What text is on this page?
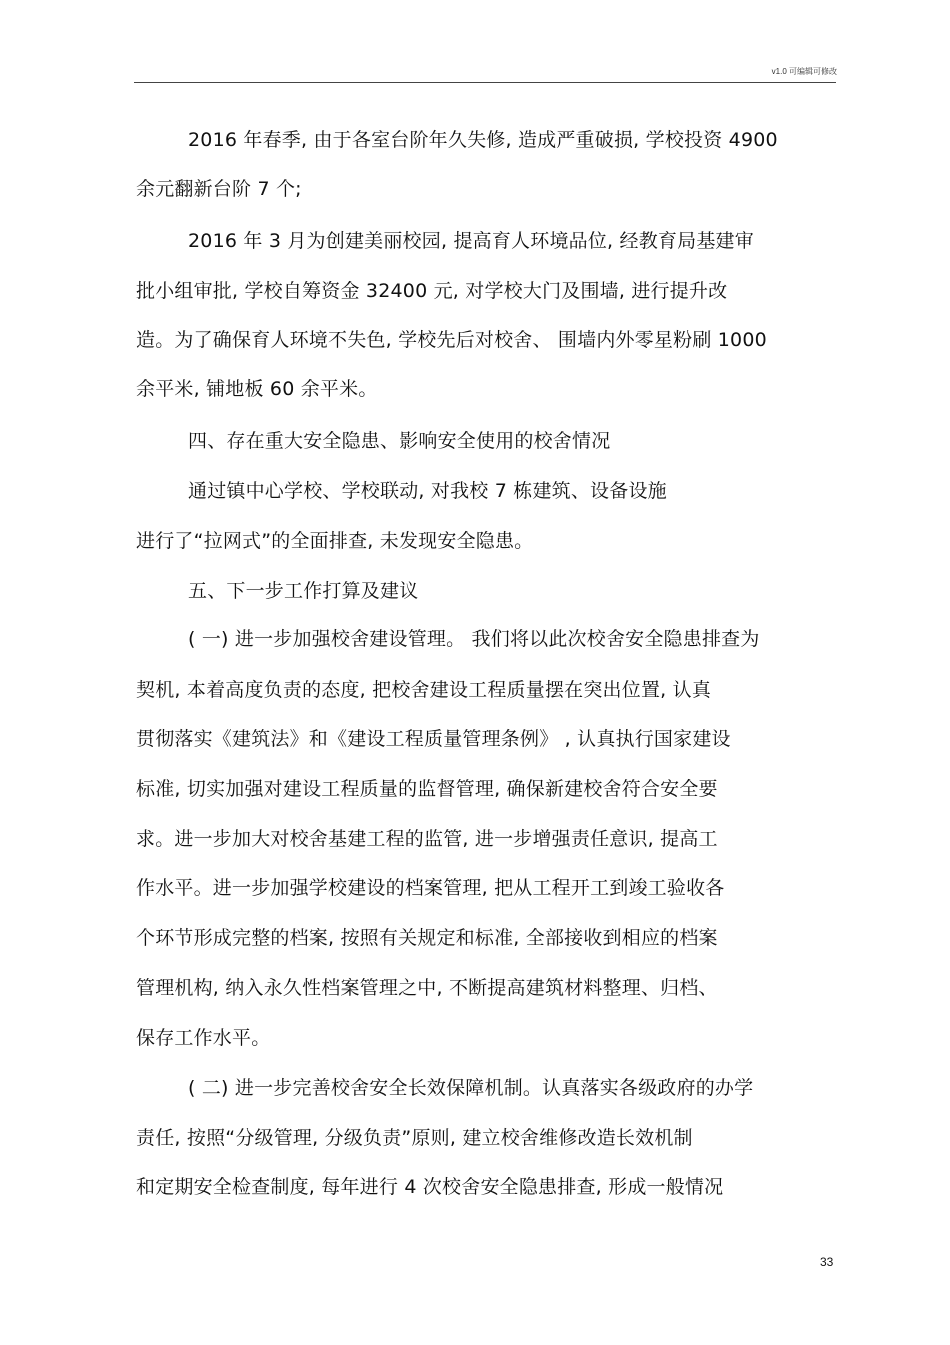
v1.0 可编辑可修改
2016 年春季, 由于各室台阶年久失修, 造成严重破损, 学校投资 4900
余元翻新台阶 7 个;
2016 年 3 月为创建美丽校园, 提高育人环境品位, 经教育局基建审
批小组审批, 学校自筹资金 32400 元, 对学校大门及围墙, 进行提升改
造。为了确保育人环境不失色, 学校先后对校舍、 围墙内外零星粉刷 1000
余平米, 铺地板 60 余平米。
四、存在重大安全隐患、影响安全使用的校舍情况
通过镇中心学校、学校联动, 对我校 7 栋建筑、设备设施
进行了“拉网式”的全面排查, 未发现安全隐患。
五、下一步工作打算及建议
( 一) 进一步加强校舍建设管理。 我们将以此次校舍安全隐患排查为
契机, 本着高度负责的态度, 把校舍建设工程质量摆在突出位置, 认真
贯彻落实《建筑法》和《建设工程质量管理条例》 , 认真执行国家建设
标准, 切实加强对建设工程质量的监督管理, 确保新建校舍符合安全要
求。进一步加大对校舍基建工程的监管, 进一步增强责任意识, 提高工
作水平。进一步加强学校建设的档案管理, 把从工程开工到竣工验收各
个环节形成完整的档案, 按照有关规定和标准, 全部接收到相应的档案
管理机构, 纳入永久性档案管理之中, 不断提高建筑材料整理、归档、
保存工作水平。
( 二) 进一步完善校舍安全长效保障机制。认真落实各级政府的办学
责任, 按照“分级管理, 分级负责”原则, 建立校舍维修改造长效机制
和定期安全检查制度, 每年进行 4 次校舍安全隐患排查, 形成一般情况
33
